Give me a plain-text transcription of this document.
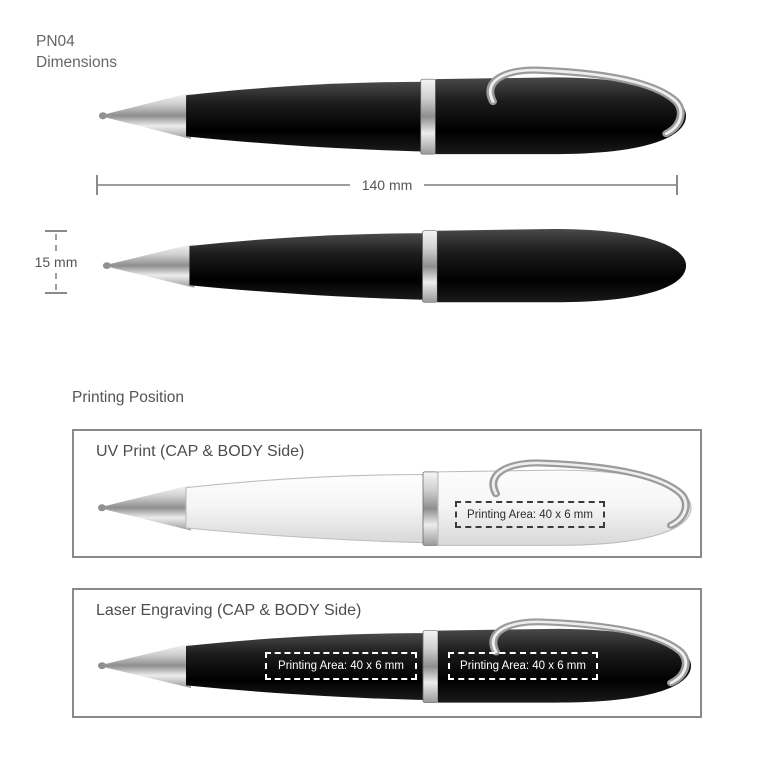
PN04
Dimensions
140 mm
15 mm
Printing Position
UV Print (CAP & BODY Side)
Printing Area: 40 x 6 mm
Laser Engraving (CAP & BODY Side)
Printing Area: 40 x 6 mm	Printing Area: 40 x 6 mm
